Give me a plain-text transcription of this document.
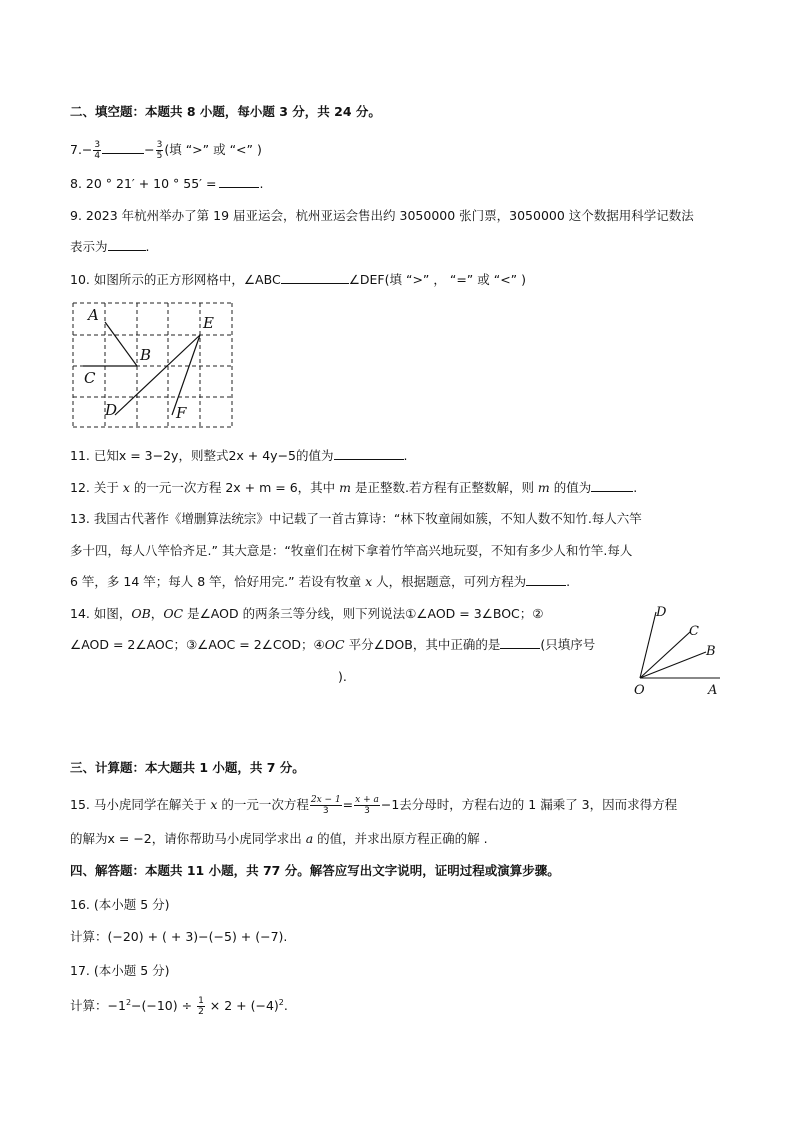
二、填空题：本题共 8 小题，每小题 3 分，共 24 分。
$7.- \frac{3}{4}$	− $\frac{3}{5}$ (填 “>” 或 “<” )
8. 20 ° 21′ + 10 ° 55′ =	.
9. 2023 年杭州举办了第 19 届亚运会，杭州亚运会售出约 3050000 张门票，3050000 这个数据用科学记数法
表示为	.
10. 如图所示的正方形网格中，∠ABC	∠DEF(填 “>” ， “=” 或 “<” )
A
B
C
D
E
F
11. 已知x = 3−2y，则整式2x + 4y−5的值为	.
12. 关于 x 的一元一次方程 2x + m = 6，其中 m 是正整数.若方程有正整数解，则 m 的值为	.
13. 我国古代著作《增删算法统宗》中记载了一首古算诗：“林下牧童闹如簇，不知人数不知竹.每人六竿
多十四，每人八竿恰齐足.” 其大意是：“牧童们在树下拿着竹竿高兴地玩耍，不知有多少人和竹竿.每人
6 竿，多 14 竿；每人 8 竿，恰好用完.” 若设有牧童 x 人，根据题意，可列方程为	.
14. 如图，OB，OC 是∠AOD 的两条三等分线，则下列说法①∠AOD = 3∠BOC；②
∠AOD = 2∠AOC；③∠AOC = 2∠COD；④OC 平分∠DOB，其中正确的是	(只填序号
).
O	A
B
C
D
三、计算题：本大题共 1 小题，共 7 分。
15. 马小虎同学在解关于 x 的一元一次方程 $\frac{2x - 1}{3} = \frac{x + a}{3} -1$去分母时，方程右边的 1 漏乘了 3，因而求得方程
的解为x = −2，请你帮助马小虎同学求出 a 的值，并求出原方程正确的解 .
四、解答题：本题共 11 小题，共 77 分。解答应写出文字说明，证明过程或演算步骤。
16. (本小题 5 分)
计算：(−20) + ( + 3)−(−5) + (−7).
17. (本小题 5 分)
计算：$-1^2-(-10) \div \frac{1}{2} \times 2 + (-4)^2$.
